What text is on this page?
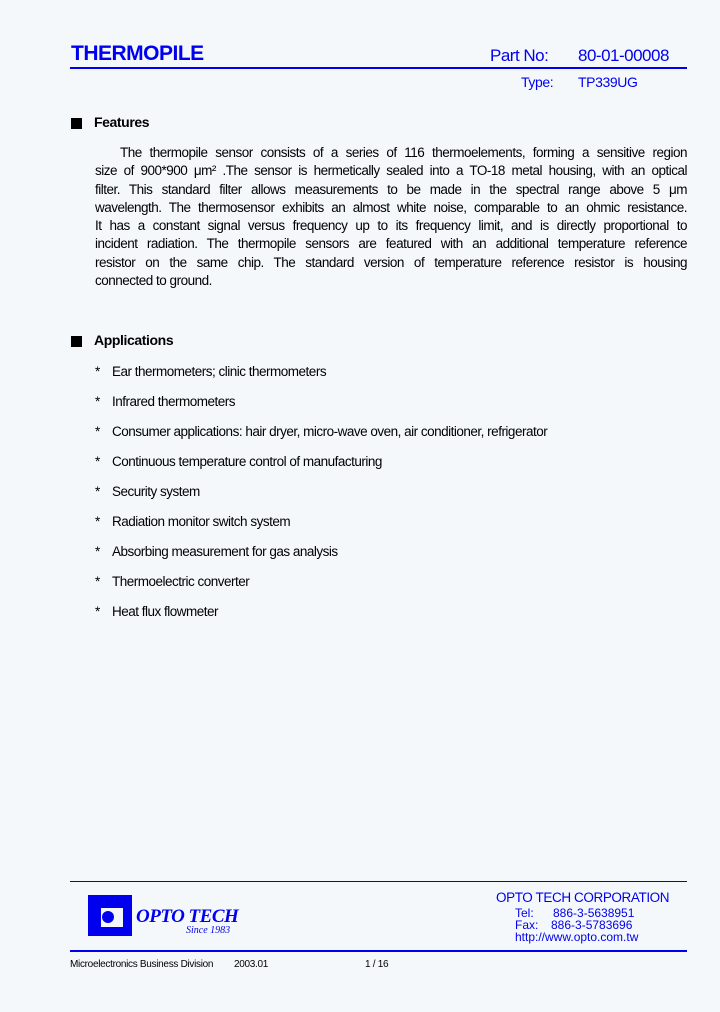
THERMOPILE	Part No: 80-01-00008
Type: TP339UG
Features
The thermopile sensor consists of a series of 116 thermoelements, forming a sensitive region
size of 900*900 μm² .The sensor is hermetically sealed into a TO-18 metal housing, with an optical
filter. This standard filter allows measurements to be made in the spectral range above 5 μm
wavelength. The thermosensor exhibits an almost white noise, comparable to an ohmic resistance.
It has a constant signal versus frequency up to its frequency limit, and is directly proportional to
incident radiation. The thermopile sensors are featured with an additional temperature reference
resistor on the same chip. The standard version of temperature reference resistor is housing
connected to ground.
Applications
* Ear thermometers; clinic thermometers
* Infrared thermometers
* Consumer applications: hair dryer, micro-wave oven, air conditioner, refrigerator
* Continuous temperature control of manufacturing
* Security system
* Radiation monitor switch system
* Absorbing measurement for gas analysis
* Thermoelectric converter
* Heat flux flowmeter
OPTO TECH
Since 1983
OPTO TECH CORPORATION
Tel: 886-3-5638951
Fax: 886-3-5783696
http://www.opto.com.tw
Microelectronics Business Division 2003.01	1 / 16
